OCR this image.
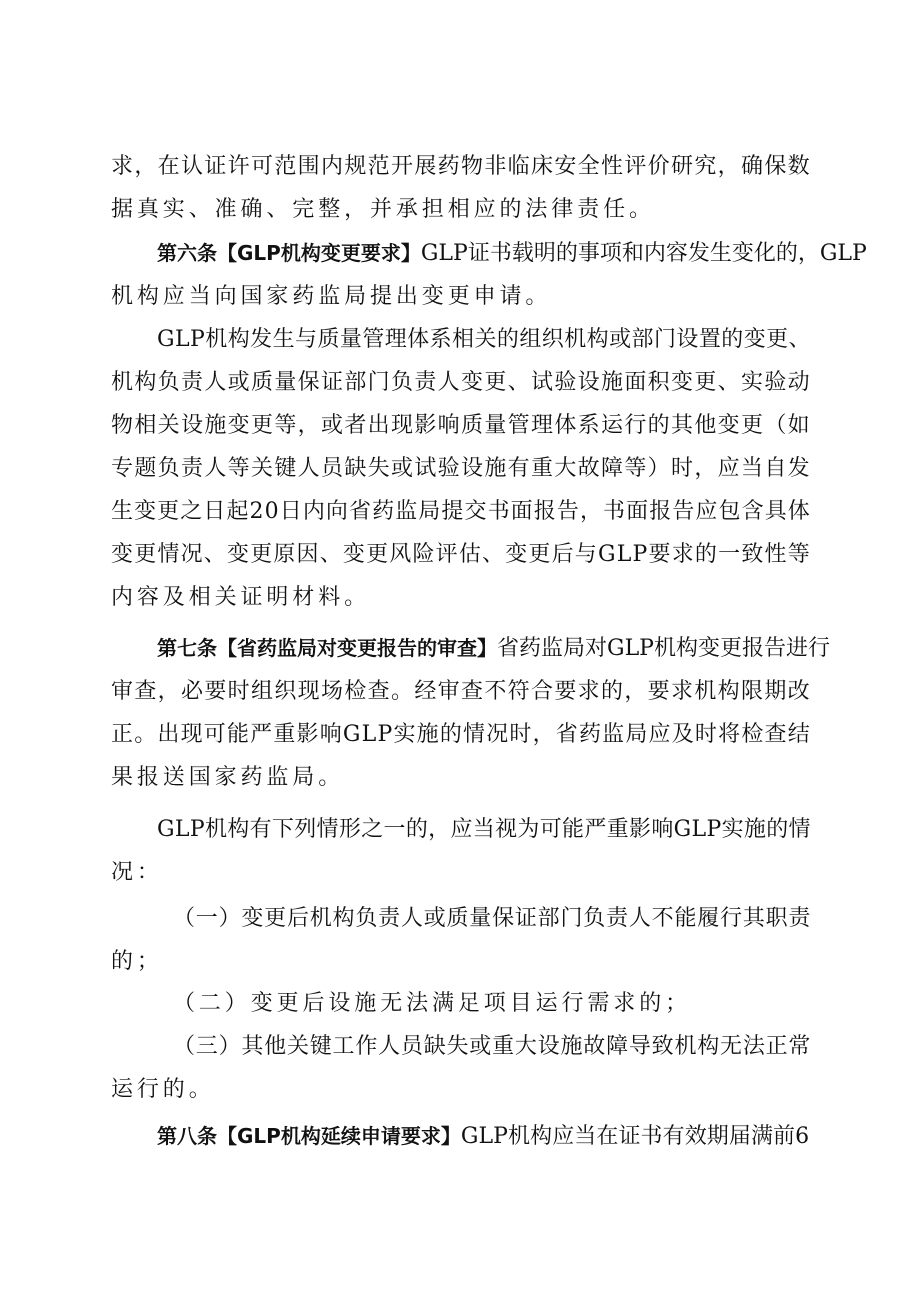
求，在认证许可范围内规范开展药物非临床安全性评价研究，确保数
据真实、准确、完整，并承担相应的法律责任。
第六条【GLP机构变更要求】GLP证书载明的事项和内容发生变化的，GLP
机构应当向国家药监局提出变更申请。
GLP机构发生与质量管理体系相关的组织机构或部门设置的变更、
机构负责人或质量保证部门负责人变更、试验设施面积变更、实验动
物相关设施变更等，或者出现影响质量管理体系运行的其他变更（如
专题负责人等关键人员缺失或试验设施有重大故障等）时，应当自发
生变更之日起20日内向省药监局提交书面报告，书面报告应包含具体
变更情况、变更原因、变更风险评估、变更后与GLP要求的一致性等
内容及相关证明材料。
第七条【省药监局对变更报告的审查】省药监局对GLP机构变更报告进行
审查，必要时组织现场检查。经审查不符合要求的，要求机构限期改
正。出现可能严重影响GLP实施的情况时，省药监局应及时将检查结
果报送国家药监局。
GLP机构有下列情形之一的，应当视为可能严重影响GLP实施的情
况：
（一）变更后机构负责人或质量保证部门负责人不能履行其职责
的；
（二）变更后设施无法满足项目运行需求的；
（三）其他关键工作人员缺失或重大设施故障导致机构无法正常
运行的。
第八条【GLP机构延续申请要求】GLP机构应当在证书有效期届满前6
